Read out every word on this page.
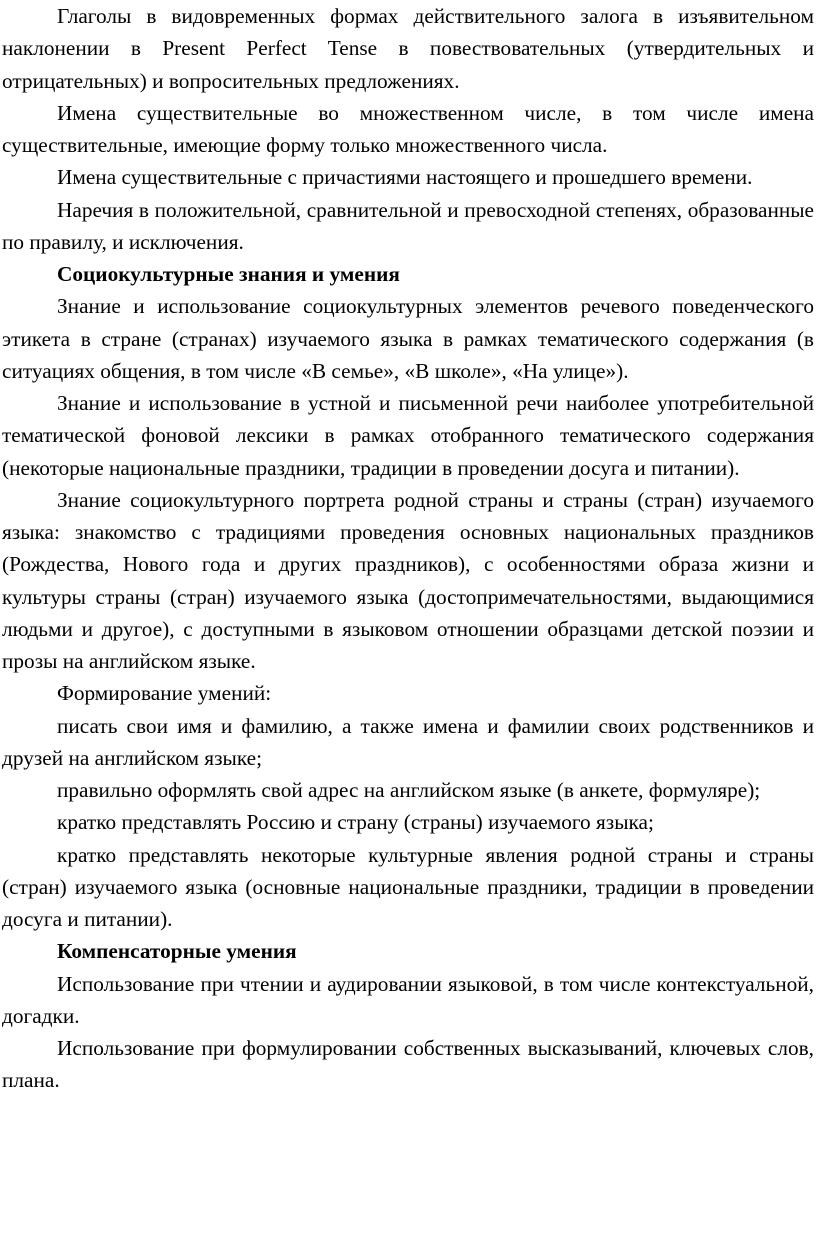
Глаголы в видовременных формах действительного залога в изъявительном наклонении в Present Perfect Tense в повествовательных (утвердительных и отрицательных) и вопросительных предложениях.

Имена существительные во множественном числе, в том числе имена существительные, имеющие форму только множественного числа.

Имена существительные с причастиями настоящего и прошедшего времени.

Наречия в положительной, сравнительной и превосходной степенях, образованные по правилу, и исключения.

Социокультурные знания и умения

Знание и использование социокультурных элементов речевого поведенческого этикета в стране (странах) изучаемого языка в рамках тематического содержания (в ситуациях общения, в том числе «В семье», «В школе», «На улице»).

Знание и использование в устной и письменной речи наиболее употребительной тематической фоновой лексики в рамках отобранного тематического содержания (некоторые национальные праздники, традиции в проведении досуга и питании).

Знание социокультурного портрета родной страны и страны (стран) изучаемого языка: знакомство с традициями проведения основных национальных праздников (Рождества, Нового года и других праздников), с особенностями образа жизни и культуры страны (стран) изучаемого языка (достопримечательностями, выдающимися людьми и другое), с доступными в языковом отношении образцами детской поэзии и прозы на английском языке.

Формирование умений:

писать свои имя и фамилию, а также имена и фамилии своих родственников и друзей на английском языке;

правильно оформлять свой адрес на английском языке (в анкете, формуляре);

кратко представлять Россию и страну (страны) изучаемого языка;

кратко представлять некоторые культурные явления родной страны и страны (стран) изучаемого языка (основные национальные праздники, традиции в проведении досуга и питании).

Компенсаторные умения

Использование при чтении и аудировании языковой, в том числе контекстуальной, догадки.

Использование при формулировании собственных высказываний, ключевых слов, плана.
